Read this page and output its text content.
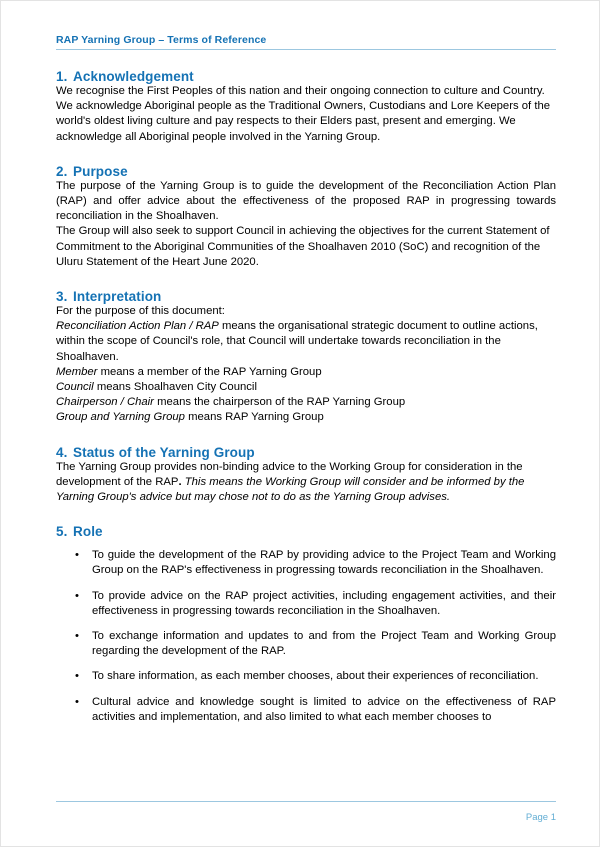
RAP Yarning Group – Terms of Reference
1. Acknowledgement

We recognise the First Peoples of this nation and their ongoing connection to culture and Country. We acknowledge Aboriginal people as the Traditional Owners, Custodians and Lore Keepers of the world's oldest living culture and pay respects to their Elders past, present and emerging. We acknowledge all Aboriginal people involved in the Yarning Group.

2. Purpose

The purpose of the Yarning Group is to guide the development of the Reconciliation Action Plan (RAP) and offer advice about the effectiveness of the proposed RAP in progressing towards reconciliation in the Shoalhaven.

The Group will also seek to support Council in achieving the objectives for the current Statement of Commitment to the Aboriginal Communities of the Shoalhaven 2010 (SoC) and recognition of the Uluru Statement of the Heart June 2020.

3. Interpretation

For the purpose of this document:

Reconciliation Action Plan / RAP means the organisational strategic document to outline actions, within the scope of Council's role, that Council will undertake towards reconciliation in the Shoalhaven.

Member means a member of the RAP Yarning Group

Council means Shoalhaven City Council

Chairperson / Chair means the chairperson of the RAP Yarning Group

Group and Yarning Group means RAP Yarning Group

4. Status of the Yarning Group

The Yarning Group provides non-binding advice to the Working Group for consideration in the development of the RAP. This means the Working Group will consider and be informed by the Yarning Group's advice but may chose not to do as the Yarning Group advises.

5. Role
• To guide the development of the RAP by providing advice to the Project Team and Working Group on the RAP's effectiveness in progressing towards reconciliation in the Shoalhaven.
• To provide advice on the RAP project activities, including engagement activities, and their effectiveness in progressing towards reconciliation in the Shoalhaven.
• To exchange information and updates to and from the Project Team and Working Group regarding the development of the RAP.
• To share information, as each member chooses, about their experiences of reconciliation.
• Cultural advice and knowledge sought is limited to advice on the effectiveness of RAP activities and implementation, and also limited to what each member chooses to
Page 1
